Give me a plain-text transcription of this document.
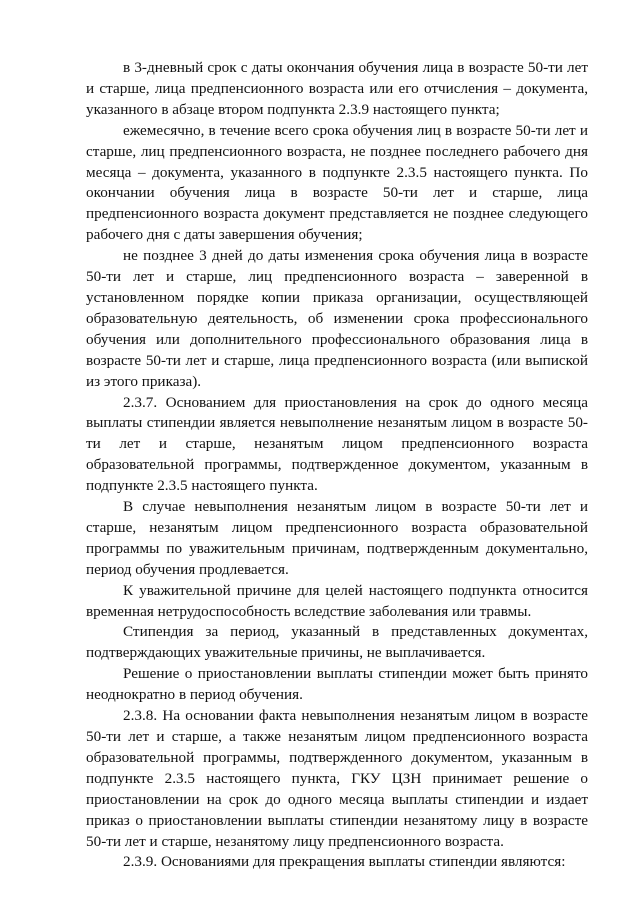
в 3-дневный срок с даты окончания обучения лица в возрасте 50-ти лет и старше, лица предпенсионного возраста или его отчисления – документа, указанного в абзаце втором подпункта 2.3.9 настоящего пункта;

ежемесячно, в течение всего срока обучения лиц в возрасте 50-ти лет и старше, лиц предпенсионного возраста, не позднее последнего рабочего дня месяца – документа, указанного в подпункте 2.3.5 настоящего пункта. По окончании обучения лица в возрасте 50-ти лет и старше, лица предпенсионного возраста документ представляется не позднее следующего рабочего дня с даты завершения обучения;

не позднее 3 дней до даты изменения срока обучения лица в возрасте 50-ти лет и старше, лиц предпенсионного возраста – заверенной в установленном порядке копии приказа организации, осуществляющей образовательную деятельность, об изменении срока профессионального обучения или дополнительного профессионального образования лица в возрасте 50-ти лет и старше, лица предпенсионного возраста (или выпиской из этого приказа).

2.3.7. Основанием для приостановления на срок до одного месяца выплаты стипендии является невыполнение незанятым лицом в возрасте 50-ти лет и старше, незанятым лицом предпенсионного возраста образовательной программы, подтвержденное документом, указанным в подпункте 2.3.5 настоящего пункта.

В случае невыполнения незанятым лицом в возрасте 50-ти лет и старше, незанятым лицом предпенсионного возраста образовательной программы по уважительным причинам, подтвержденным документально, период обучения продлевается.

К уважительной причине для целей настоящего подпункта относится временная нетрудоспособность вследствие заболевания или травмы.

Стипендия за период, указанный в представленных документах, подтверждающих уважительные причины, не выплачивается.

Решение о приостановлении выплаты стипендии может быть принято неоднократно в период обучения.

2.3.8. На основании факта невыполнения незанятым лицом в возрасте 50-ти лет и старше, а также незанятым лицом предпенсионного возраста образовательной программы, подтвержденного документом, указанным в подпункте 2.3.5 настоящего пункта, ГКУ ЦЗН принимает решение о приостановлении на срок до одного месяца выплаты стипендии и издает приказ о приостановлении выплаты стипендии незанятому лицу в возрасте 50-ти лет и старше, незанятому лицу предпенсионного возраста.

2.3.9. Основаниями для прекращения выплаты стипендии являются:
